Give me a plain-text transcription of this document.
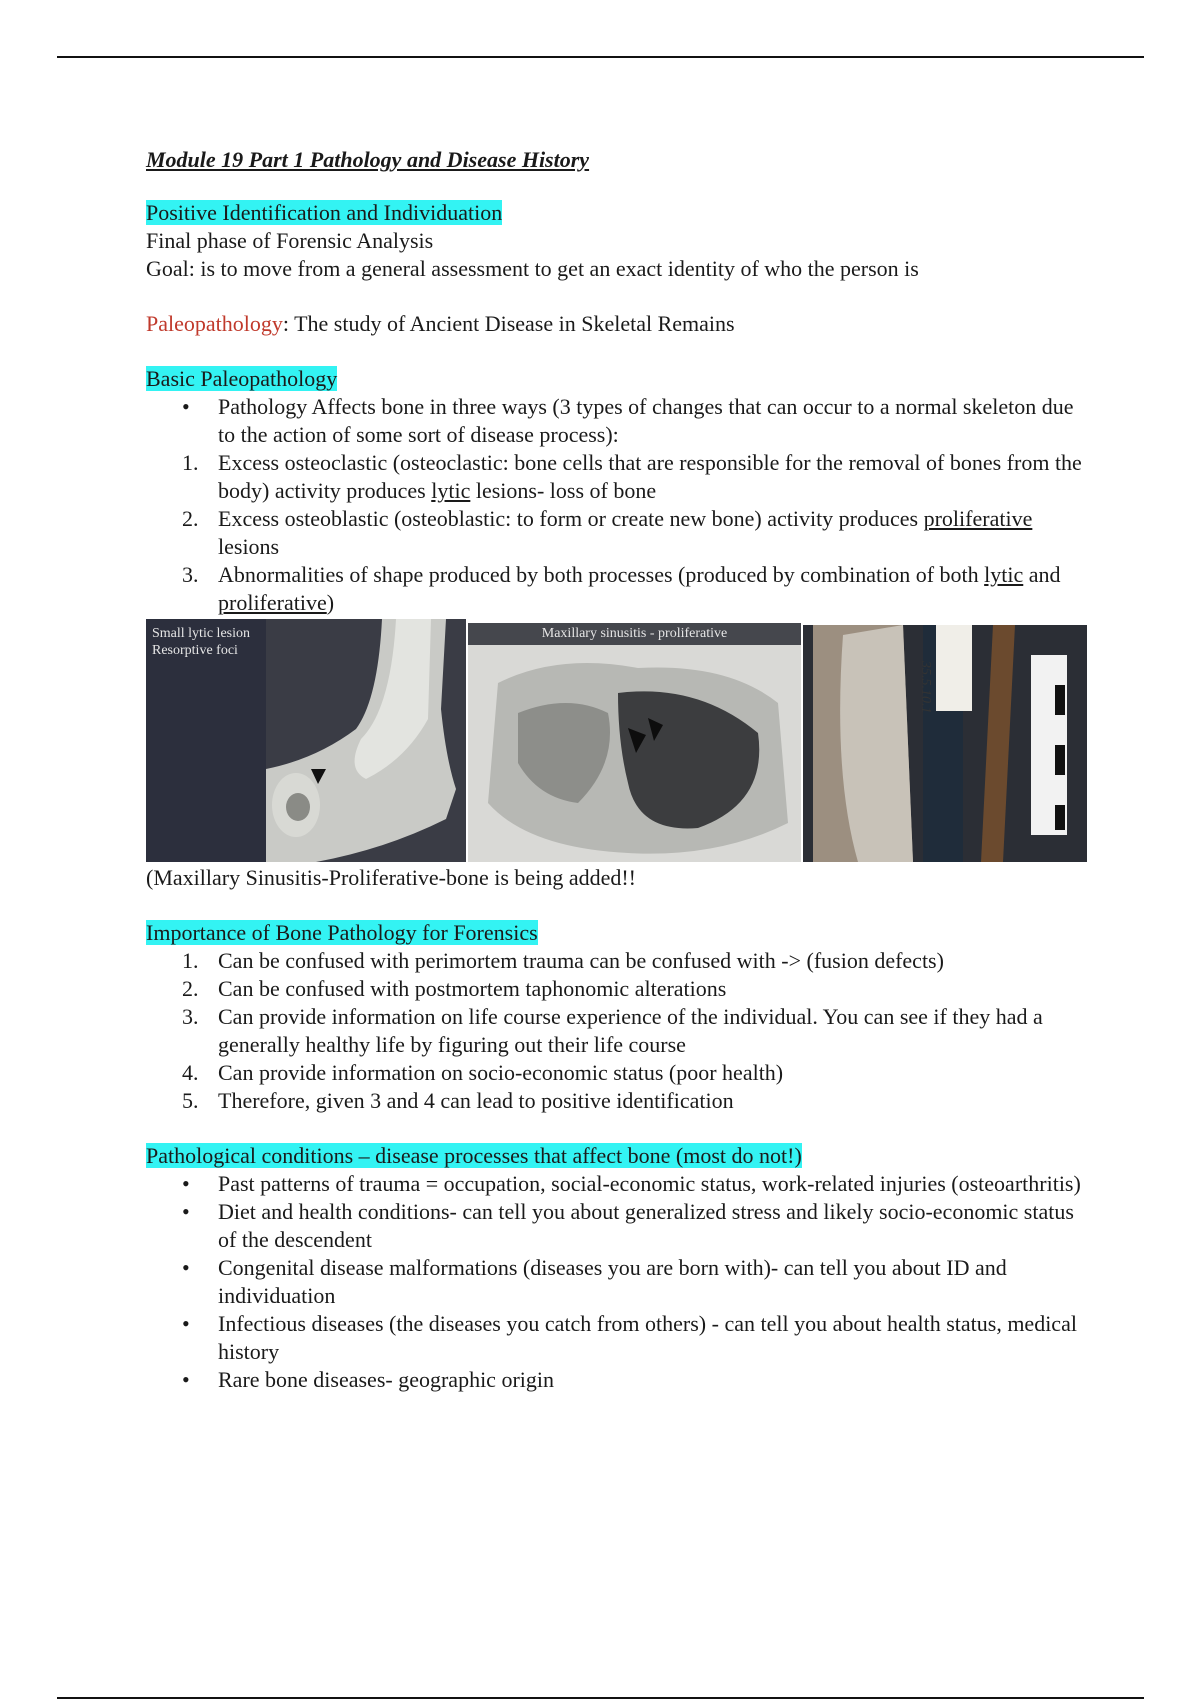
Module 19 Part 1 Pathology and Disease History

Positive Identification and Individuation

Final phase of Forensic Analysis

Goal: is to move from a general assessment to get an exact identity of who the person is

Paleopathology: The study of Ancient Disease in Skeletal Remains

Basic Paleopathology

• Pathology Affects bone in three ways (3 types of changes that can occur to a normal skeleton due to the action of some sort of disease process):
1. Excess osteoclastic (osteoclastic: bone cells that are responsible for the removal of bones from the body) activity produces lytic lesions- loss of bone
2. Excess osteoblastic (osteoblastic: to form or create new bone) activity produces proliferative lesions
3. Abnormalities of shape produced by both processes (produced by combination of both lytic and proliferative)
Small lytic lesion
Resorptive foci
Maxillary sinusitis - proliferative
35.5.10.1

(Maxillary Sinusitis-Proliferative-bone is being added!!

Importance of Bone Pathology for Forensics

1. Can be confused with perimortem trauma can be confused with -> (fusion defects)
2. Can be confused with postmortem taphonomic alterations
3. Can provide information on life course experience of the individual. You can see if they had a generally healthy life by figuring out their life course
4. Can provide information on socio-economic status (poor health)
5. Therefore, given 3 and 4 can lead to positive identification

Pathological conditions – disease processes that affect bone (most do not!)

• Past patterns of trauma = occupation, social-economic status, work-related injuries (osteoarthritis)
• Diet and health conditions- can tell you about generalized stress and likely socio-economic status of the descendent
• Congenital disease malformations (diseases you are born with)- can tell you about ID and individuation
• Infectious diseases (the diseases you catch from others) - can tell you about health status, medical history
• Rare bone diseases- geographic origin
